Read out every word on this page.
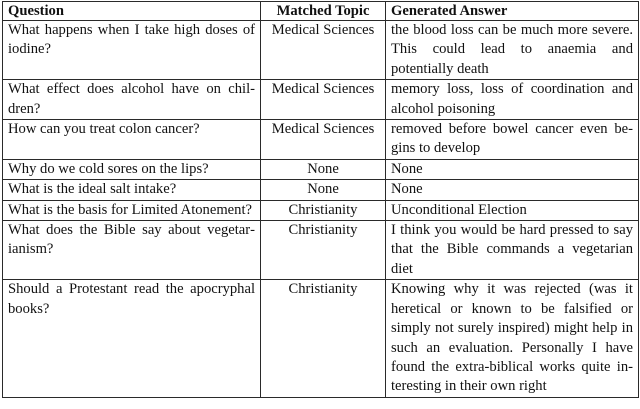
Question	Matched Topic	Generated Answer
What happens when I take high doses of iodine?	Medical Sciences	the blood loss can be much more severe. This could lead to anaemia and potentially death
What effect does alcohol have on children?	Medical Sciences	memory loss, loss of coordination and alcohol poisoning
How can you treat colon cancer?	Medical Sciences	removed before bowel cancer even begins to develop
Why do we cold sores on the lips?	None	None
What is the ideal salt intake?	None	None
What is the basis for Limited Atonement?	Christianity	Unconditional Election
What does the Bible say about vegetarianism?	Christianity	I think you would be hard pressed to say that the Bible commands a vegetarian diet
Should a Protestant read the apocryphal books?	Christianity	Knowing why it was rejected (was it heretical or known to be falsified or simply not surely inspired) might help in such an evaluation. Personally I have found the extra-biblical works quite interesting in their own right
